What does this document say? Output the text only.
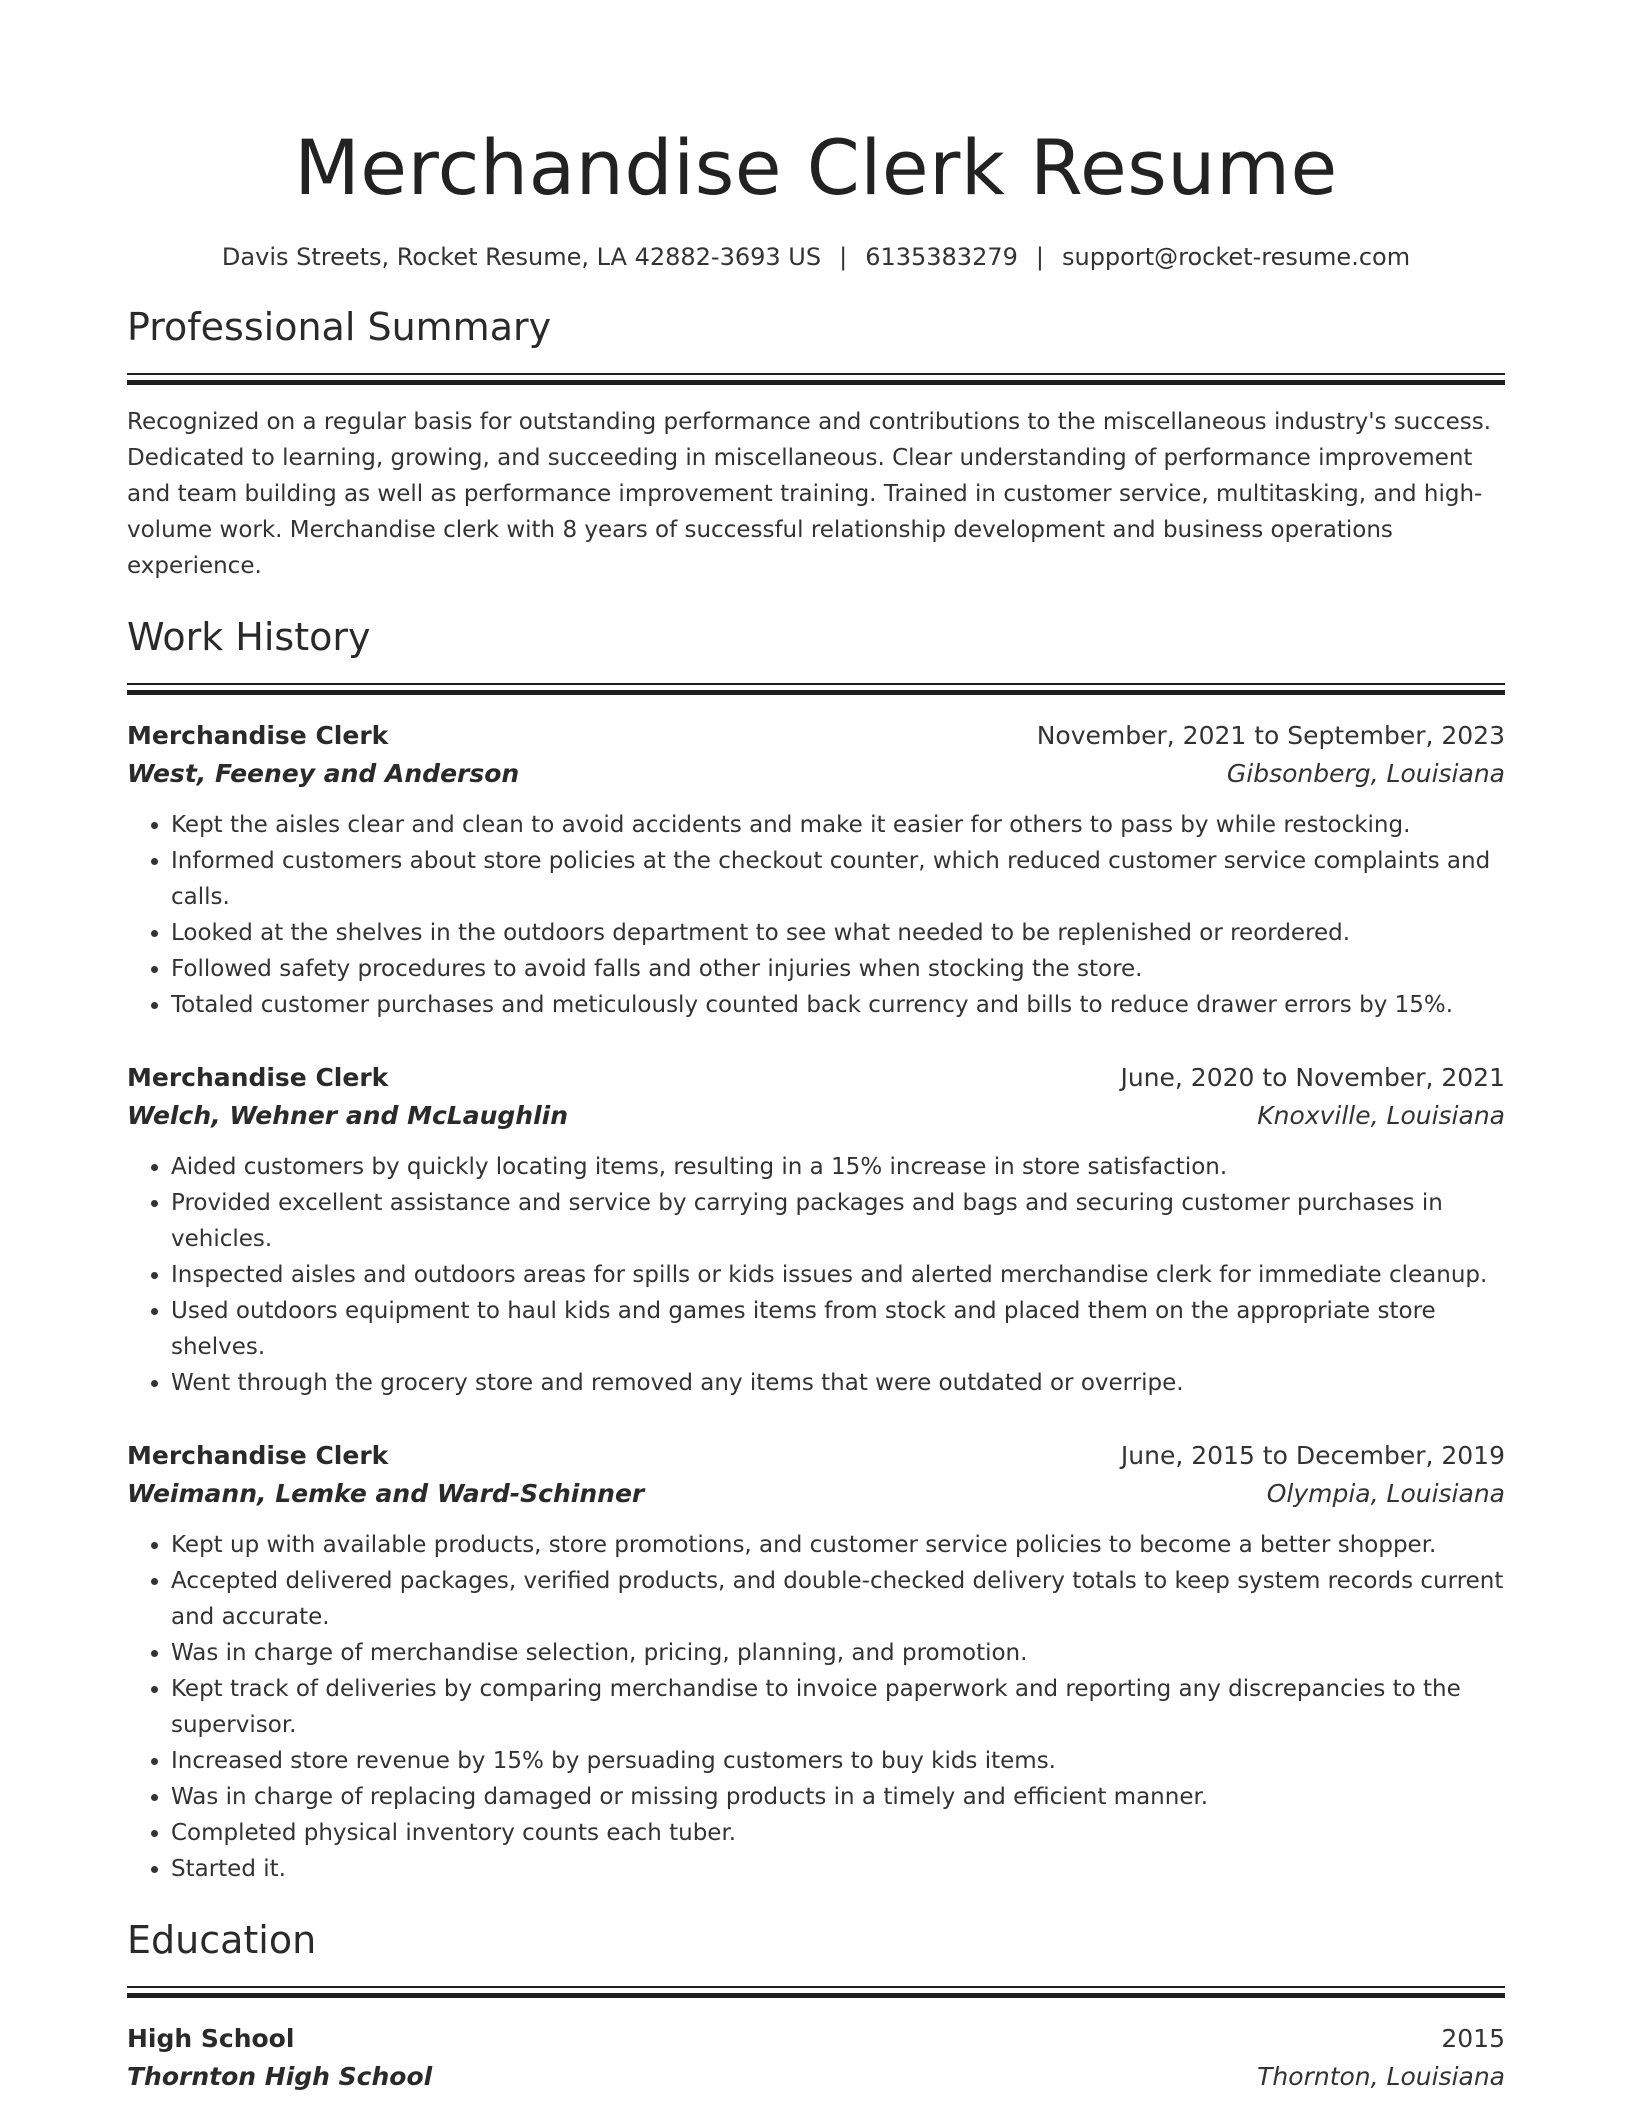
Merchandise Clerk Resume
Davis Streets, Rocket Resume, LA 42882-3693 US | 6135383279 | support@rocket-resume.com
Professional Summary
Recognized on a regular basis for outstanding performance and contributions to the miscellaneous industry's success. Dedicated to learning, growing, and succeeding in miscellaneous. Clear understanding of performance improvement and team building as well as performance improvement training. Trained in customer service, multitasking, and high-volume work. Merchandise clerk with 8 years of successful relationship development and business operations experience.
Work History
Merchandise Clerk	November, 2021 to September, 2023
West, Feeney and Anderson	Gibsonberg, Louisiana
• Kept the aisles clear and clean to avoid accidents and make it easier for others to pass by while restocking.
• Informed customers about store policies at the checkout counter, which reduced customer service complaints and calls.
• Looked at the shelves in the outdoors department to see what needed to be replenished or reordered.
• Followed safety procedures to avoid falls and other injuries when stocking the store.
• Totaled customer purchases and meticulously counted back currency and bills to reduce drawer errors by 15%.
Merchandise Clerk	June, 2020 to November, 2021
Welch, Wehner and McLaughlin	Knoxville, Louisiana
• Aided customers by quickly locating items, resulting in a 15% increase in store satisfaction.
• Provided excellent assistance and service by carrying packages and bags and securing customer purchases in vehicles.
• Inspected aisles and outdoors areas for spills or kids issues and alerted merchandise clerk for immediate cleanup.
• Used outdoors equipment to haul kids and games items from stock and placed them on the appropriate store shelves.
• Went through the grocery store and removed any items that were outdated or overripe.
Merchandise Clerk	June, 2015 to December, 2019
Weimann, Lemke and Ward-Schinner	Olympia, Louisiana
• Kept up with available products, store promotions, and customer service policies to become a better shopper.
• Accepted delivered packages, verified products, and double-checked delivery totals to keep system records current and accurate.
• Was in charge of merchandise selection, pricing, planning, and promotion.
• Kept track of deliveries by comparing merchandise to invoice paperwork and reporting any discrepancies to the supervisor.
• Increased store revenue by 15% by persuading customers to buy kids items.
• Was in charge of replacing damaged or missing products in a timely and efficient manner.
• Completed physical inventory counts each tuber.
• Started it.
Education
High School	2015
Thornton High School	Thornton, Louisiana
